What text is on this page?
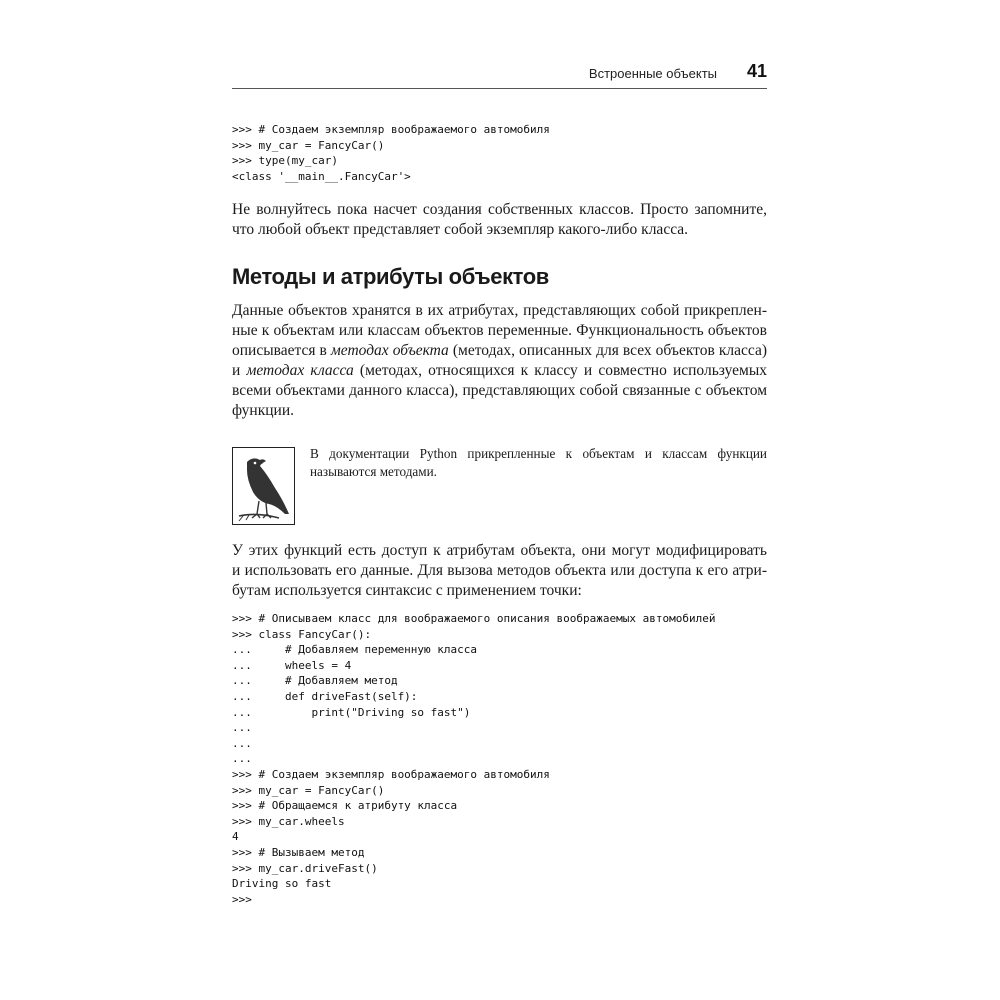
Встроенные объекты 41
>>> # Создаем экземпляр воображаемого автомобиля
>>> my_car = FancyCar()
>>> type(my_car)
<class '__main__.FancyCar'>
Не волнуйтесь пока насчет создания собственных классов. Просто запомните,
что любой объект представляет собой экземпляр какого-либо класса.
Методы и атрибуты объектов
Данные объектов хранятся в их атрибутах, представляющих собой прикреплен-
ные к объектам или классам объектов переменные. Функциональность объектов
описывается в методах объекта (методах, описанных для всех объектов класса)
и методах класса (методах, относящихся к классу и совместно используемых
всеми объектами данного класса), представляющих собой связанные с объектом
функции.
В документации Python прикрепленные к объектам и классам функции
называются методами.
У этих функций есть доступ к атрибутам объекта, они могут модифицировать
и использовать его данные. Для вызова методов объекта или доступа к его атри-
бутам используется синтаксис с применением точки:
>>> # Описываем класс для воображаемого описания воображаемых автомобилей
>>> class FancyCar():
...     # Добавляем переменную класса
...     wheels = 4
...     # Добавляем метод
...     def driveFast(self):
...         print("Driving so fast")
...
...
...
>>> # Создаем экземпляр воображаемого автомобиля
>>> my_car = FancyCar()
>>> # Обращаемся к атрибуту класса
>>> my_car.wheels
4
>>> # Вызываем метод
>>> my_car.driveFast()
Driving so fast
>>>
